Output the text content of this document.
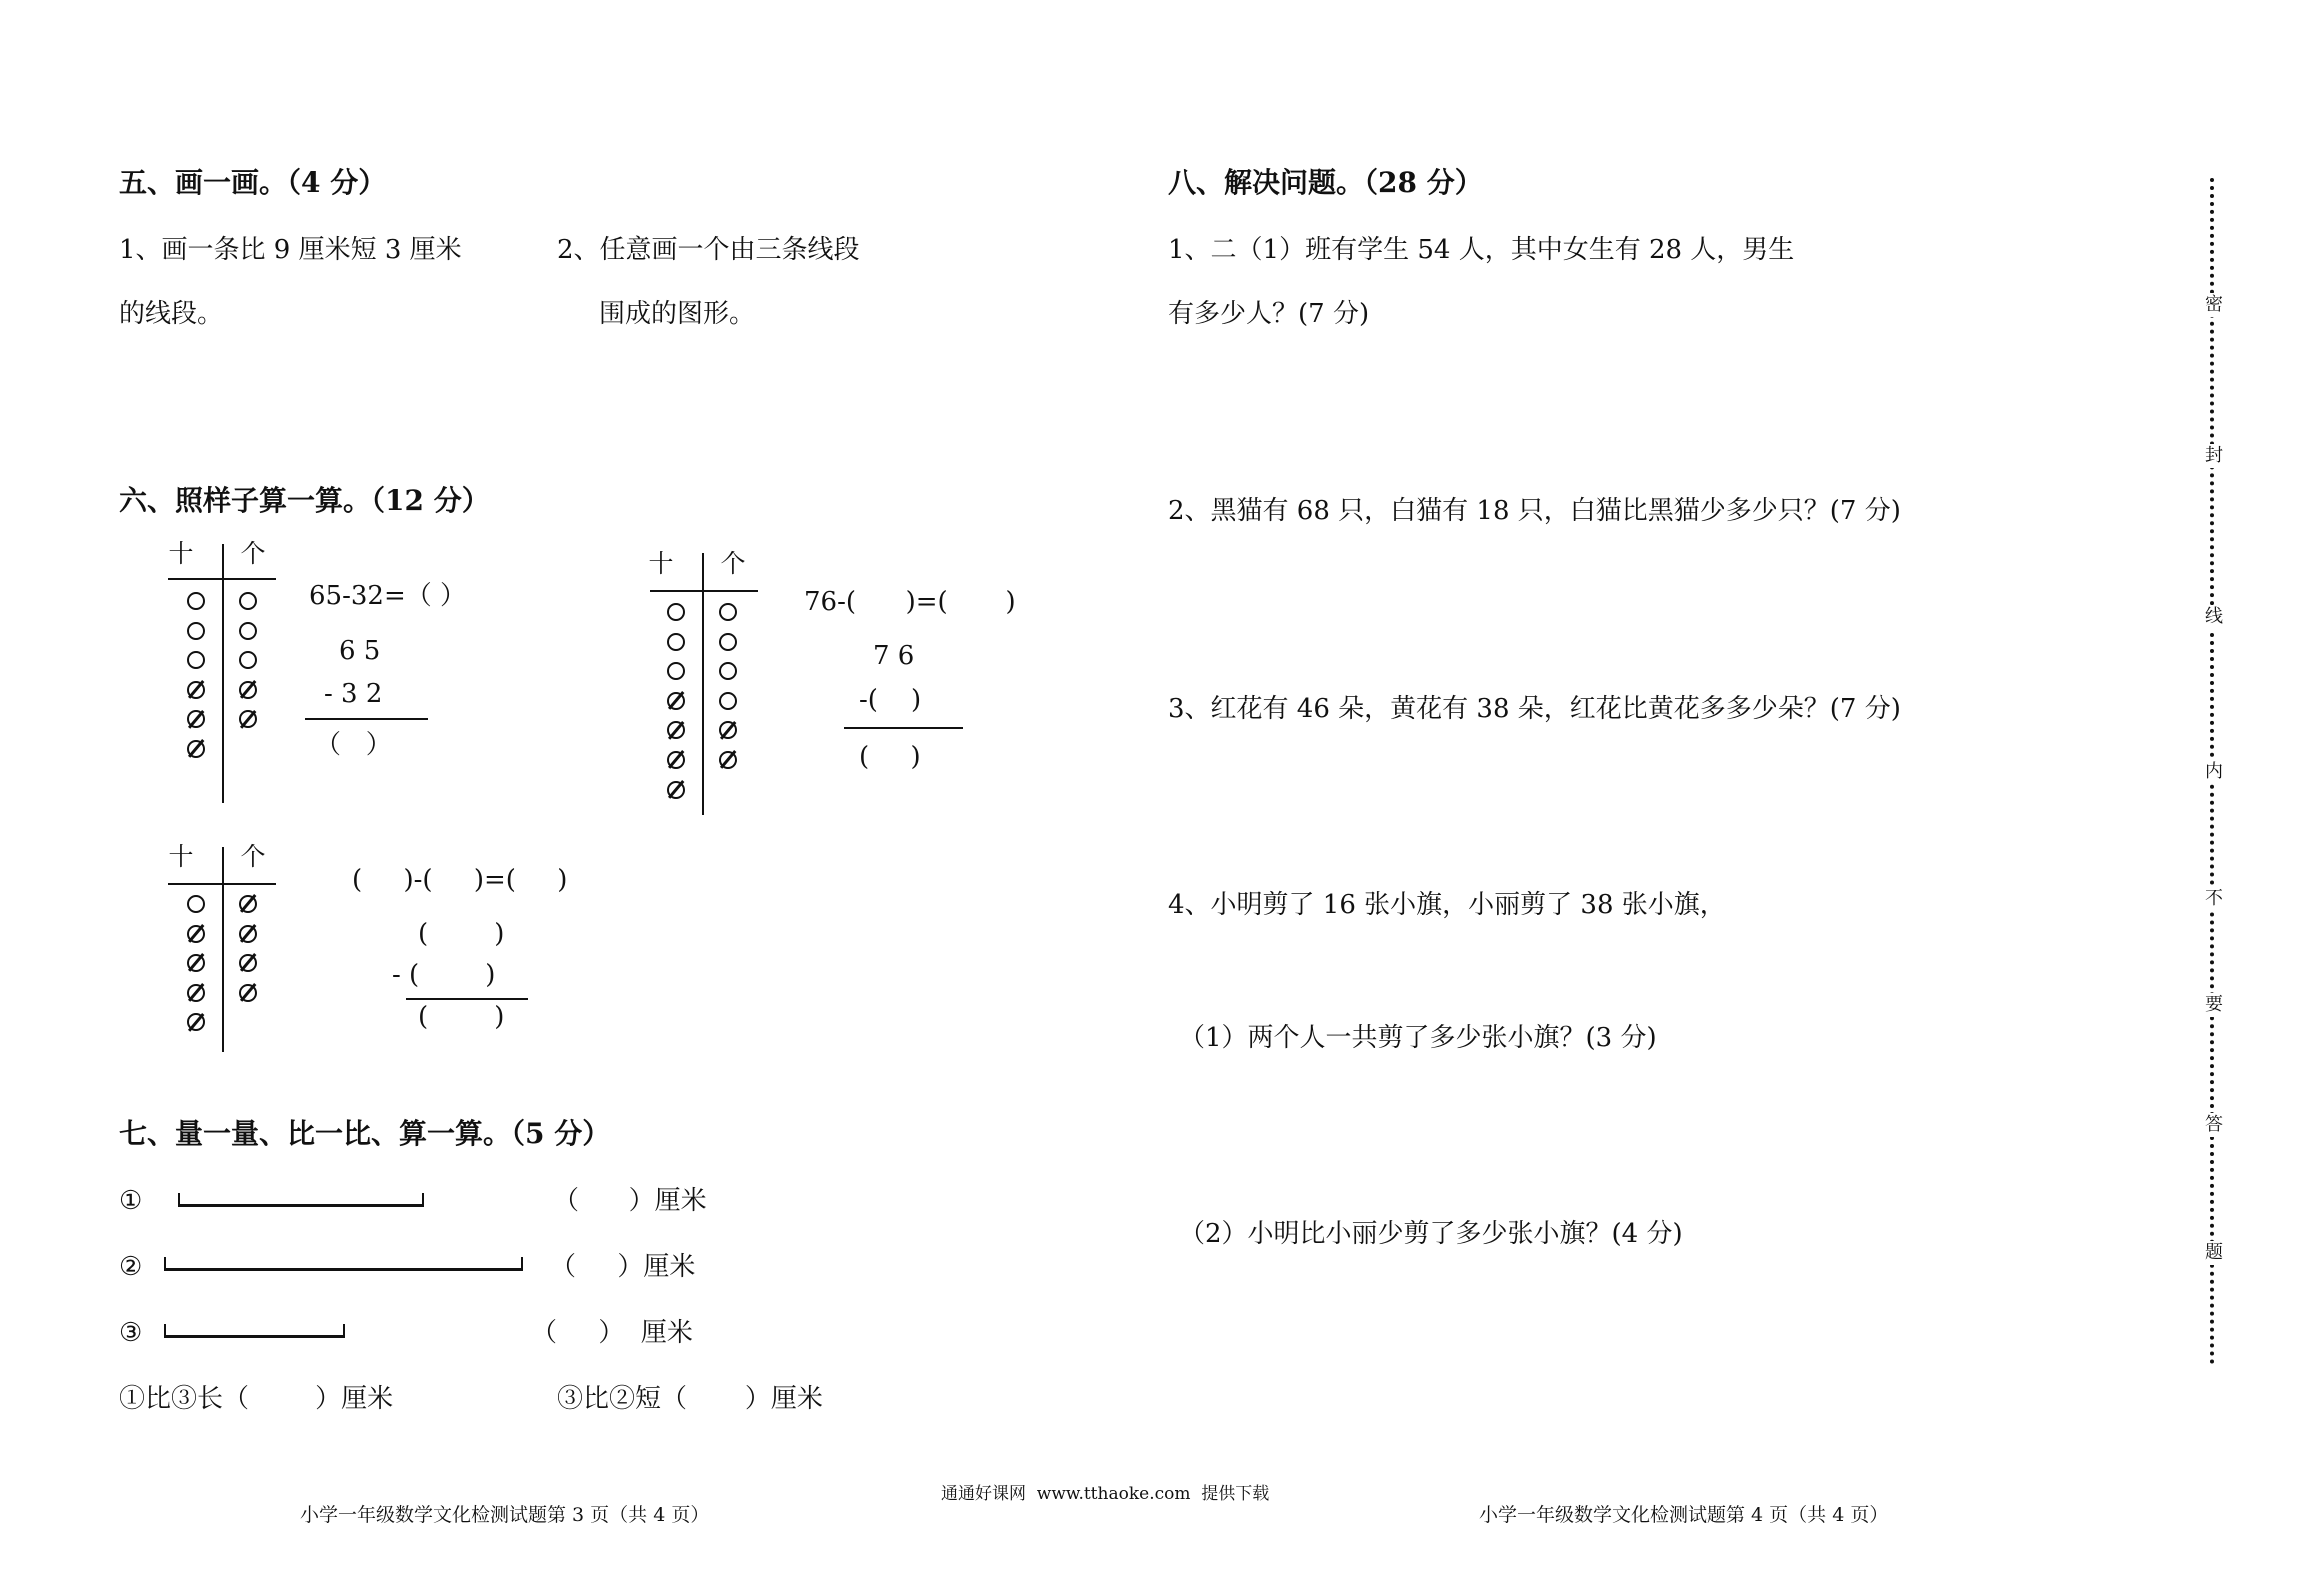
五、画一画。（4 分）
1、画一条比 9 厘米短 3 厘米
的线段。
2、任意画一个由三条线段
围成的图形。
六、照样子算一算。（12 分）
十 个
65-32=（ ）
6 5
- 3 2
（   ）
十 个
76-(      )=(       )
7 6
-(    )
(     )
十 个
(     )-(     )=(     )
(        )
- (        )
(        )
七、量一量、比一比、算一算。（5 分）
①	（      ）厘米
②	（     ）厘米
③	（     ）  厘米
①比③长（        ）厘米	③比②短（       ）厘米
八、解决问题。（28 分）
1、二（1）班有学生 54 人，其中女生有 28 人，男生
有多少人？(7 分)
2、黑猫有 68 只，白猫有 18 只，白猫比黑猫少多少只？(7 分)
3、红花有 46 朵，黄花有 38 朵，红花比黄花多多少朵？(7 分)
4、小明剪了 16 张小旗，小丽剪了 38 张小旗，
（1）两个人一共剪了多少张小旗？(3 分)
（2）小明比小丽少剪了多少张小旗？(4 分)
密
封
线
内
不
要
答
题
小学一年级数学文化检测试题第 3 页（共 4 页）
通通好课网  www.tthaoke.com  提供下载
小学一年级数学文化检测试题第 4 页（共 4 页）
